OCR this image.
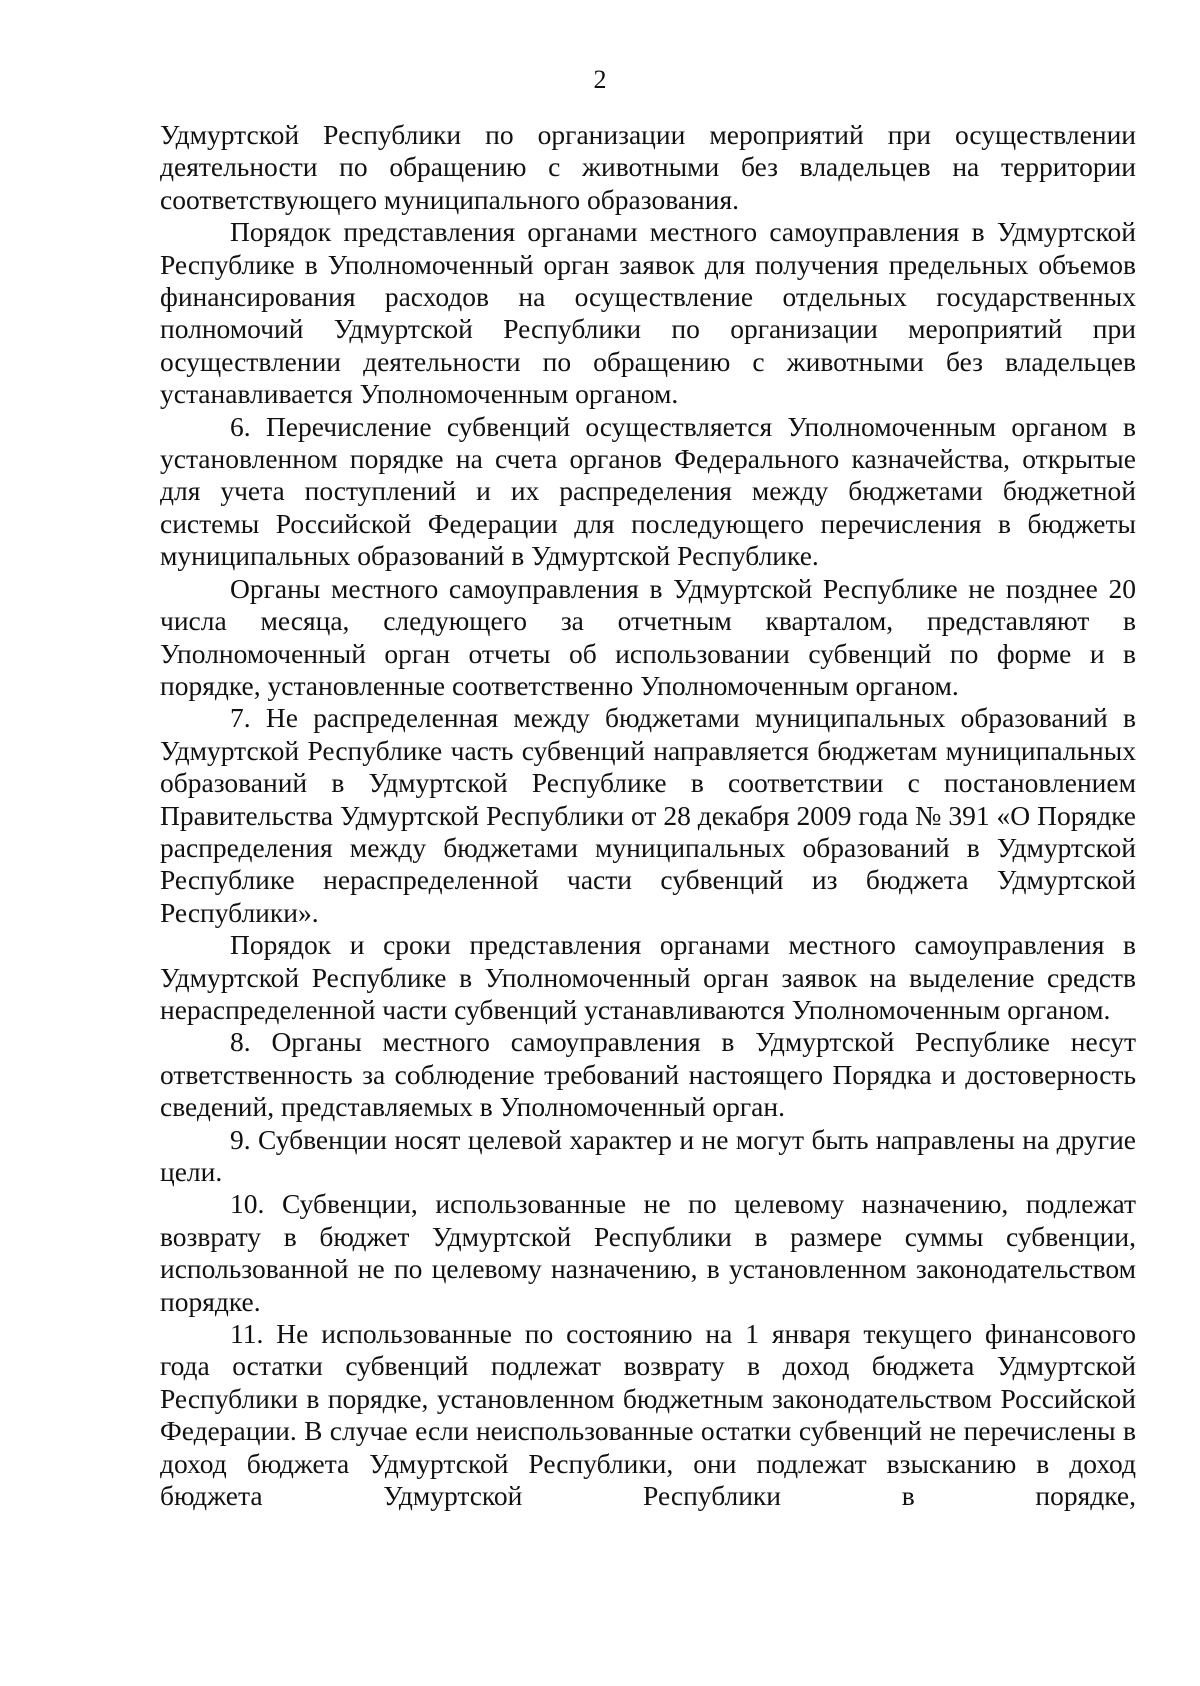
2

Удмуртской Республики по организации мероприятий при осуществлении деятельности по обращению с животными без владельцев на территории соответствующего муниципального образования.

Порядок представления органами местного самоуправления в Удмуртской Республике в Уполномоченный орган заявок для получения предельных объемов финансирования расходов на осуществление отдельных государственных полномочий Удмуртской Республики по организации мероприятий при осуществлении деятельности по обращению с животными без владельцев устанавливается Уполномоченным органом.

6. Перечисление субвенций осуществляется Уполномоченным органом в установленном порядке на счета органов Федерального казначейства, открытые для учета поступлений и их распределения между бюджетами бюджетной системы Российской Федерации для последующего перечисления в бюджеты муниципальных образований в Удмуртской Республике.

Органы местного самоуправления в Удмуртской Республике не позднее 20 числа месяца, следующего за отчетным кварталом, представляют в Уполномоченный орган отчеты об использовании субвенций по форме и в порядке, установленные соответственно Уполномоченным органом.

7. Не распределенная между бюджетами муниципальных образований в Удмуртской Республике часть субвенций направляется бюджетам муниципальных образований в Удмуртской Республике в соответствии с постановлением Правительства Удмуртской Республики от 28 декабря 2009 года № 391 «О Порядке распределения между бюджетами муниципальных образований в Удмуртской Республике нераспределенной части субвенций из бюджета Удмуртской Республики».

Порядок и сроки представления органами местного самоуправления в Удмуртской Республике в Уполномоченный орган заявок на выделение средств нераспределенной части субвенций устанавливаются Уполномоченным органом.

8. Органы местного самоуправления в Удмуртской Республике несут ответственность за соблюдение требований настоящего Порядка и достоверность сведений, представляемых в Уполномоченный орган.

9. Субвенции носят целевой характер и не могут быть направлены на другие цели.

10. Субвенции, использованные не по целевому назначению, подлежат возврату в бюджет Удмуртской Республики в размере суммы субвенции, использованной не по целевому назначению, в установленном законодательством порядке.

11. Не использованные по состоянию на 1 января текущего финансового года остатки субвенций подлежат возврату в доход бюджета Удмуртской Республики в порядке, установленном бюджетным законодательством Российской Федерации. В случае если неиспользованные остатки субвенций не перечислены в доход бюджета Удмуртской Республики, они подлежат взысканию в доход бюджета Удмуртской Республики в порядке,
